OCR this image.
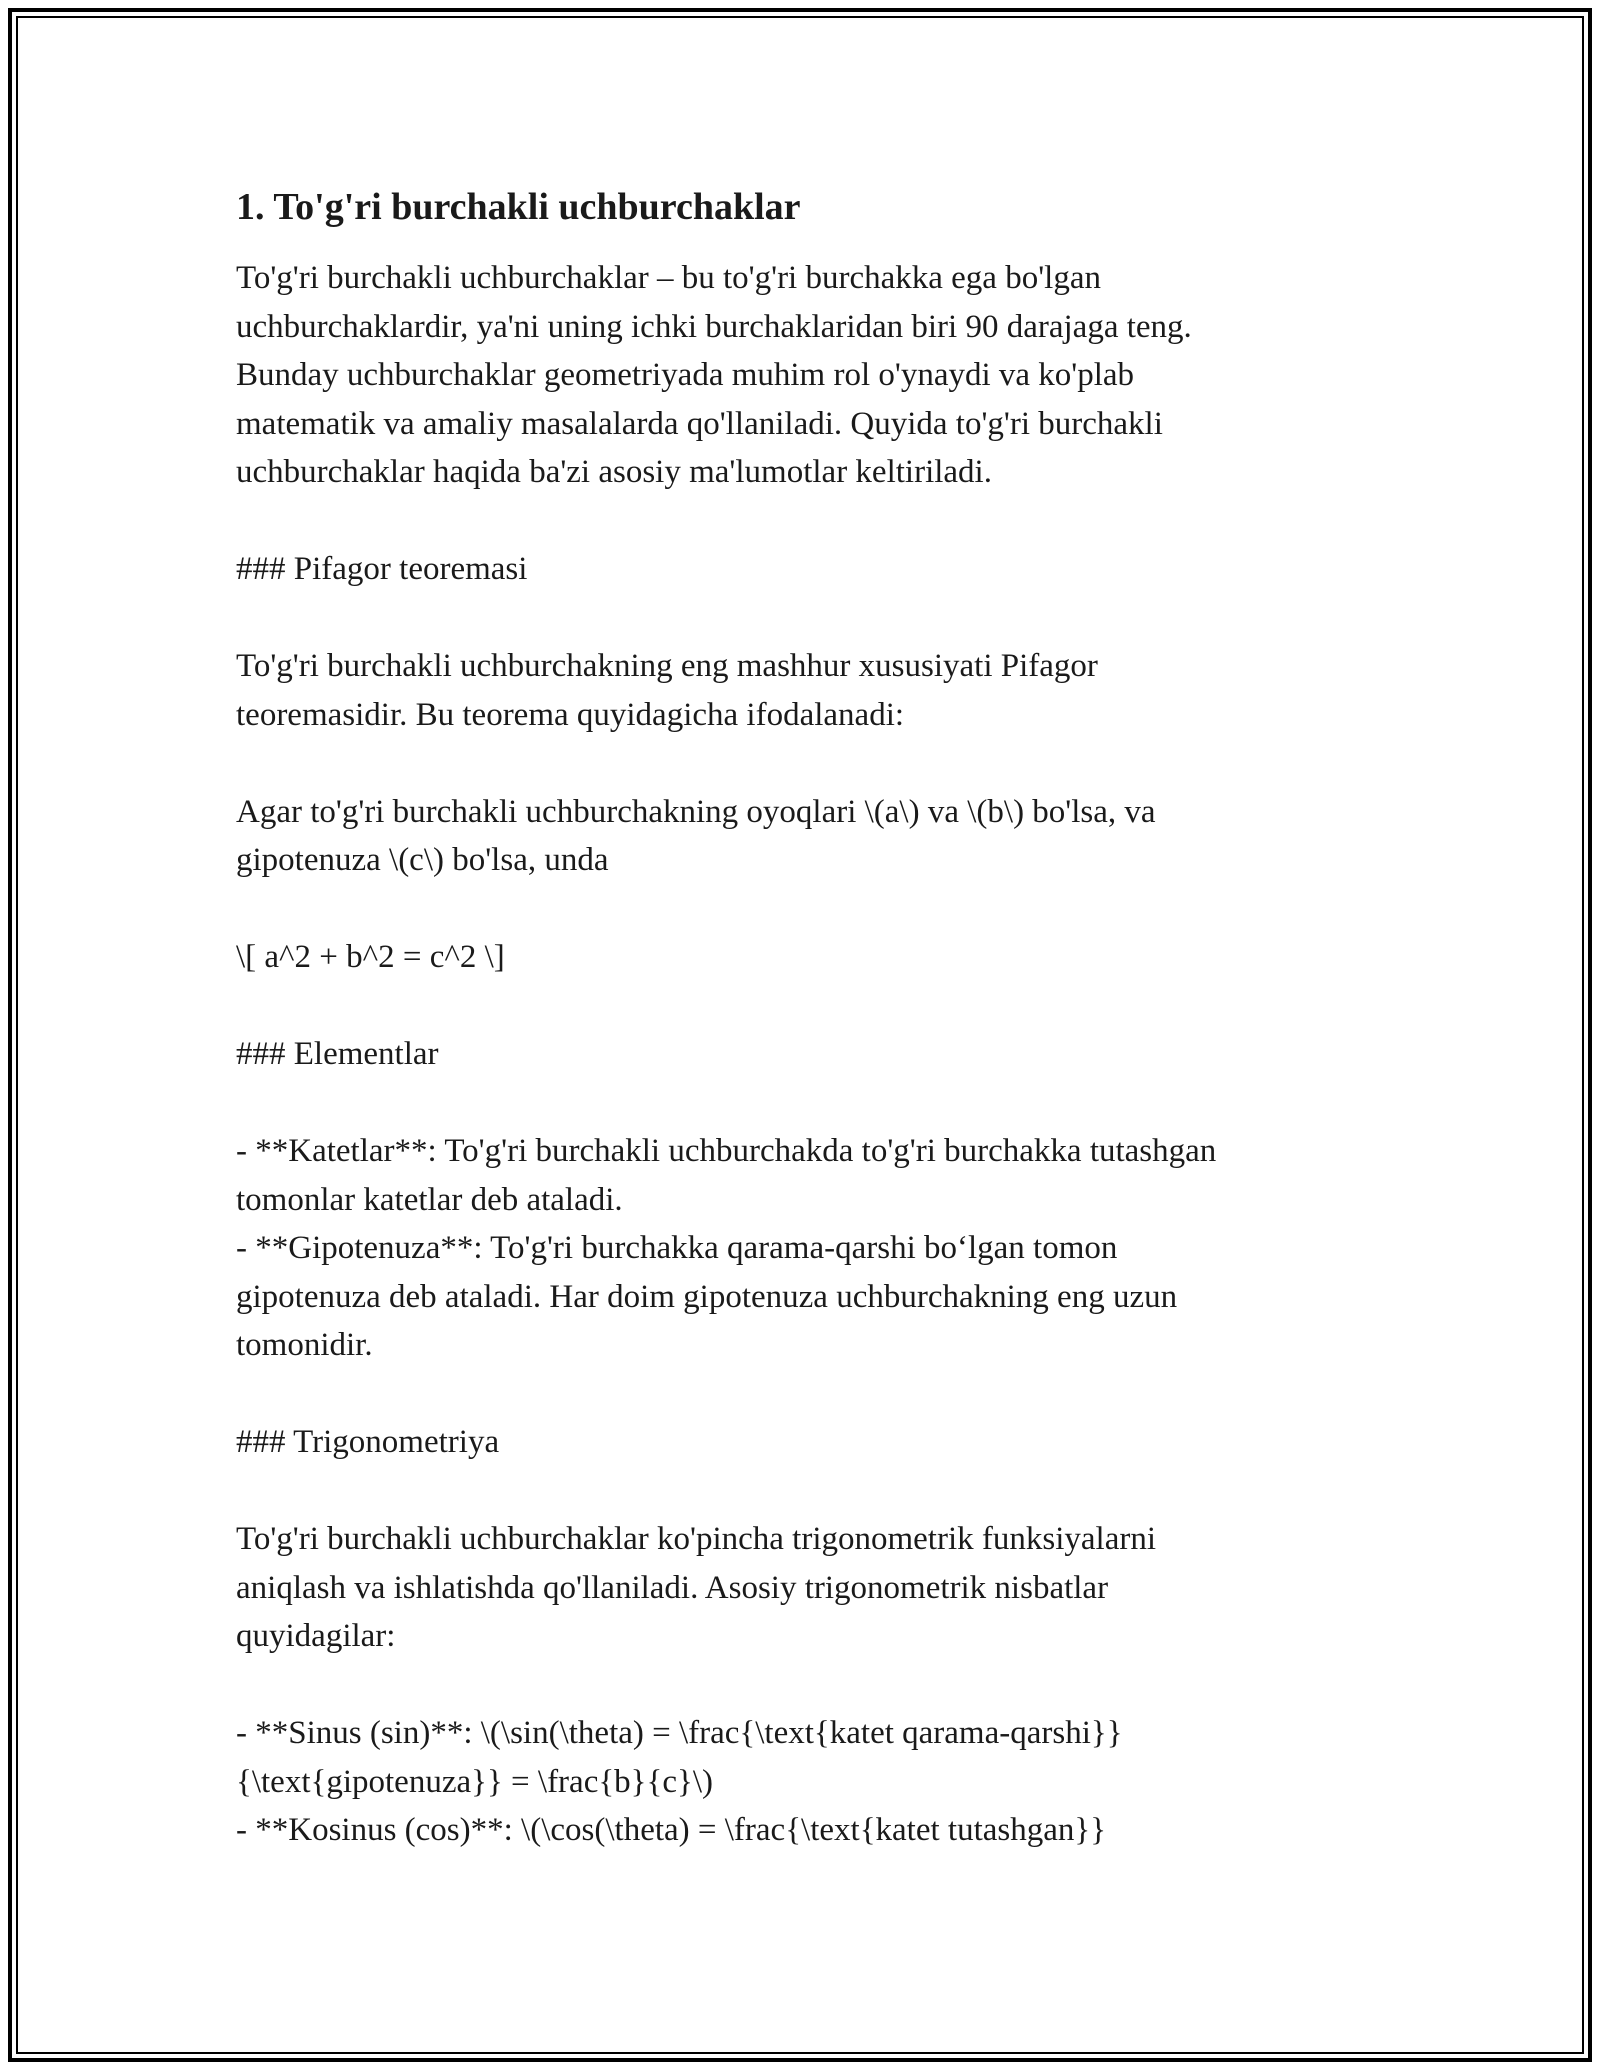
1. To'g'ri burchakli uchburchaklar
To'g'ri burchakli uchburchaklar – bu to'g'ri burchakka ega bo'lgan
uchburchaklardir, ya'ni uning ichki burchaklaridan biri 90 darajaga teng.
Bunday uchburchaklar geometriyada muhim rol o'ynaydi va ko'plab
matematik va amaliy masalalarda qo'llaniladi. Quyida to'g'ri burchakli
uchburchaklar haqida ba'zi asosiy ma'lumotlar keltiriladi.
### Pifagor teoremasi
To'g'ri burchakli uchburchakning eng mashhur xususiyati Pifagor
teoremasidir. Bu teorema quyidagicha ifodalanadi:
Agar to'g'ri burchakli uchburchakning oyoqlari \(a\) va \(b\) bo'lsa, va
gipotenuza \(c\) bo'lsa, unda
\[ a^2 + b^2 = c^2 \]
### Elementlar
- **Katetlar**: To'g'ri burchakli uchburchakda to'g'ri burchakka tutashgan
tomonlar katetlar deb ataladi.
- **Gipotenuza**: To'g'ri burchakka qarama-qarshi bo‘lgan tomon
gipotenuza deb ataladi. Har doim gipotenuza uchburchakning eng uzun
tomonidir.
### Trigonometriya
To'g'ri burchakli uchburchaklar ko'pincha trigonometrik funksiyalarni
aniqlash va ishlatishda qo'llaniladi. Asosiy trigonometrik nisbatlar
quyidagilar:
- **Sinus (sin)**: \(\sin(\theta) = \frac{\text{katet qarama-qarshi}}
{\text{gipotenuza}} = \frac{b}{c}\)
- **Kosinus (cos)**: \(\cos(\theta) = \frac{\text{katet tutashgan}}
